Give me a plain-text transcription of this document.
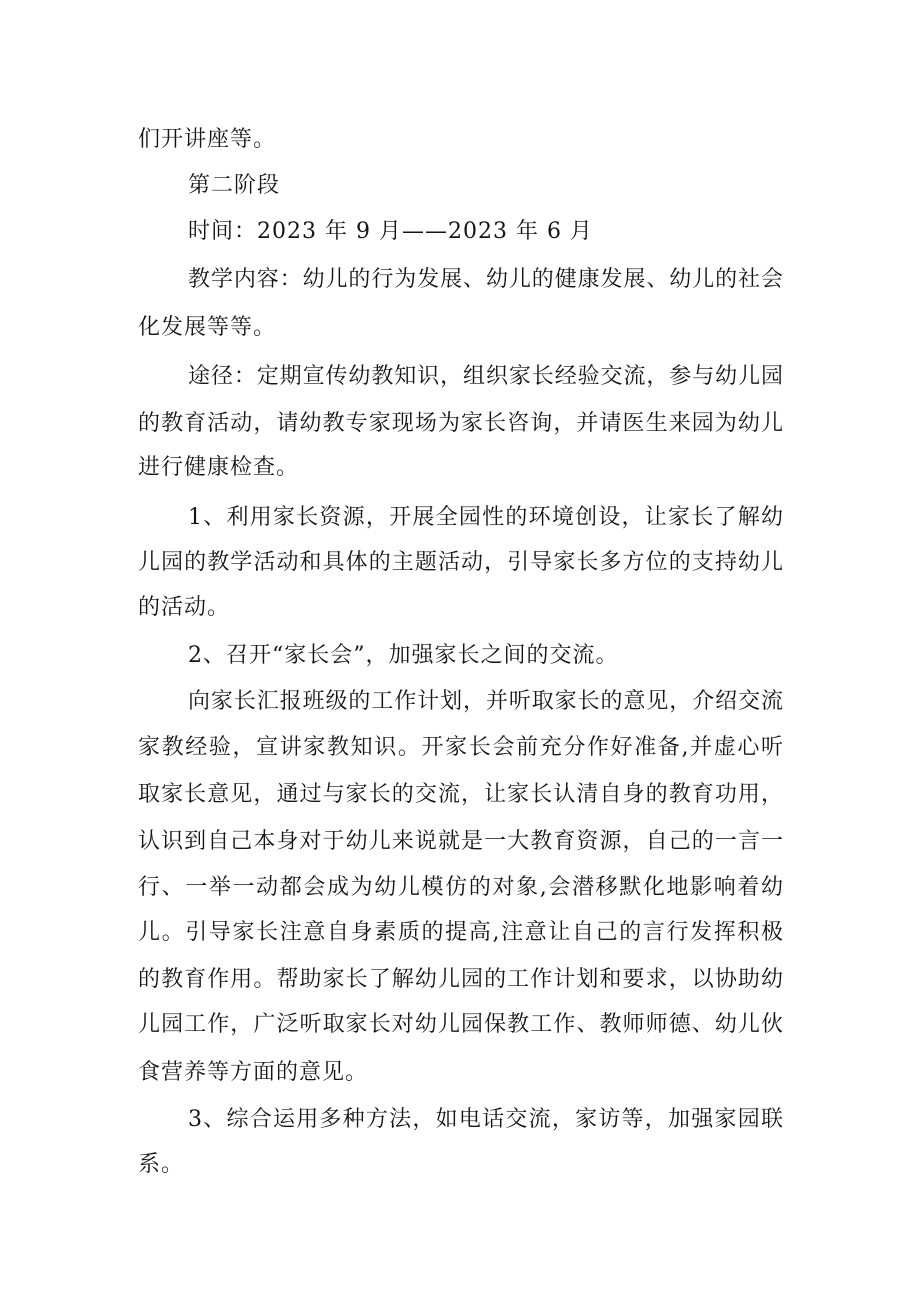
们开讲座等。
第二阶段
时间：2023 年 9 月——2023 年 6 月
教学内容：幼儿的行为发展、幼儿的健康发展、幼儿的社会
化发展等等。
途径：定期宣传幼教知识，组织家长经验交流，参与幼儿园
的教育活动，请幼教专家现场为家长咨询，并请医生来园为幼儿
进行健康检查。
1、利用家长资源，开展全园性的环境创设，让家长了解幼
儿园的教学活动和具体的主题活动，引导家长多方位的支持幼儿
的活动。
2、召开“家长会”，加强家长之间的交流。
向家长汇报班级的工作计划，并听取家长的意见，介绍交流
家教经验，宣讲家教知识。开家长会前充分作好准备,并虚心听
取家长意见，通过与家长的交流，让家长认清自身的教育功用，
认识到自己本身对于幼儿来说就是一大教育资源，自己的一言一
行、一举一动都会成为幼儿模仿的对象,会潜移默化地影响着幼
儿。引导家长注意自身素质的提高,注意让自己的言行发挥积极
的教育作用。帮助家长了解幼儿园的工作计划和要求，以协助幼
儿园工作，广泛听取家长对幼儿园保教工作、教师师德、幼儿伙
食营养等方面的意见。
3、综合运用多种方法，如电话交流，家访等，加强家园联
系。
